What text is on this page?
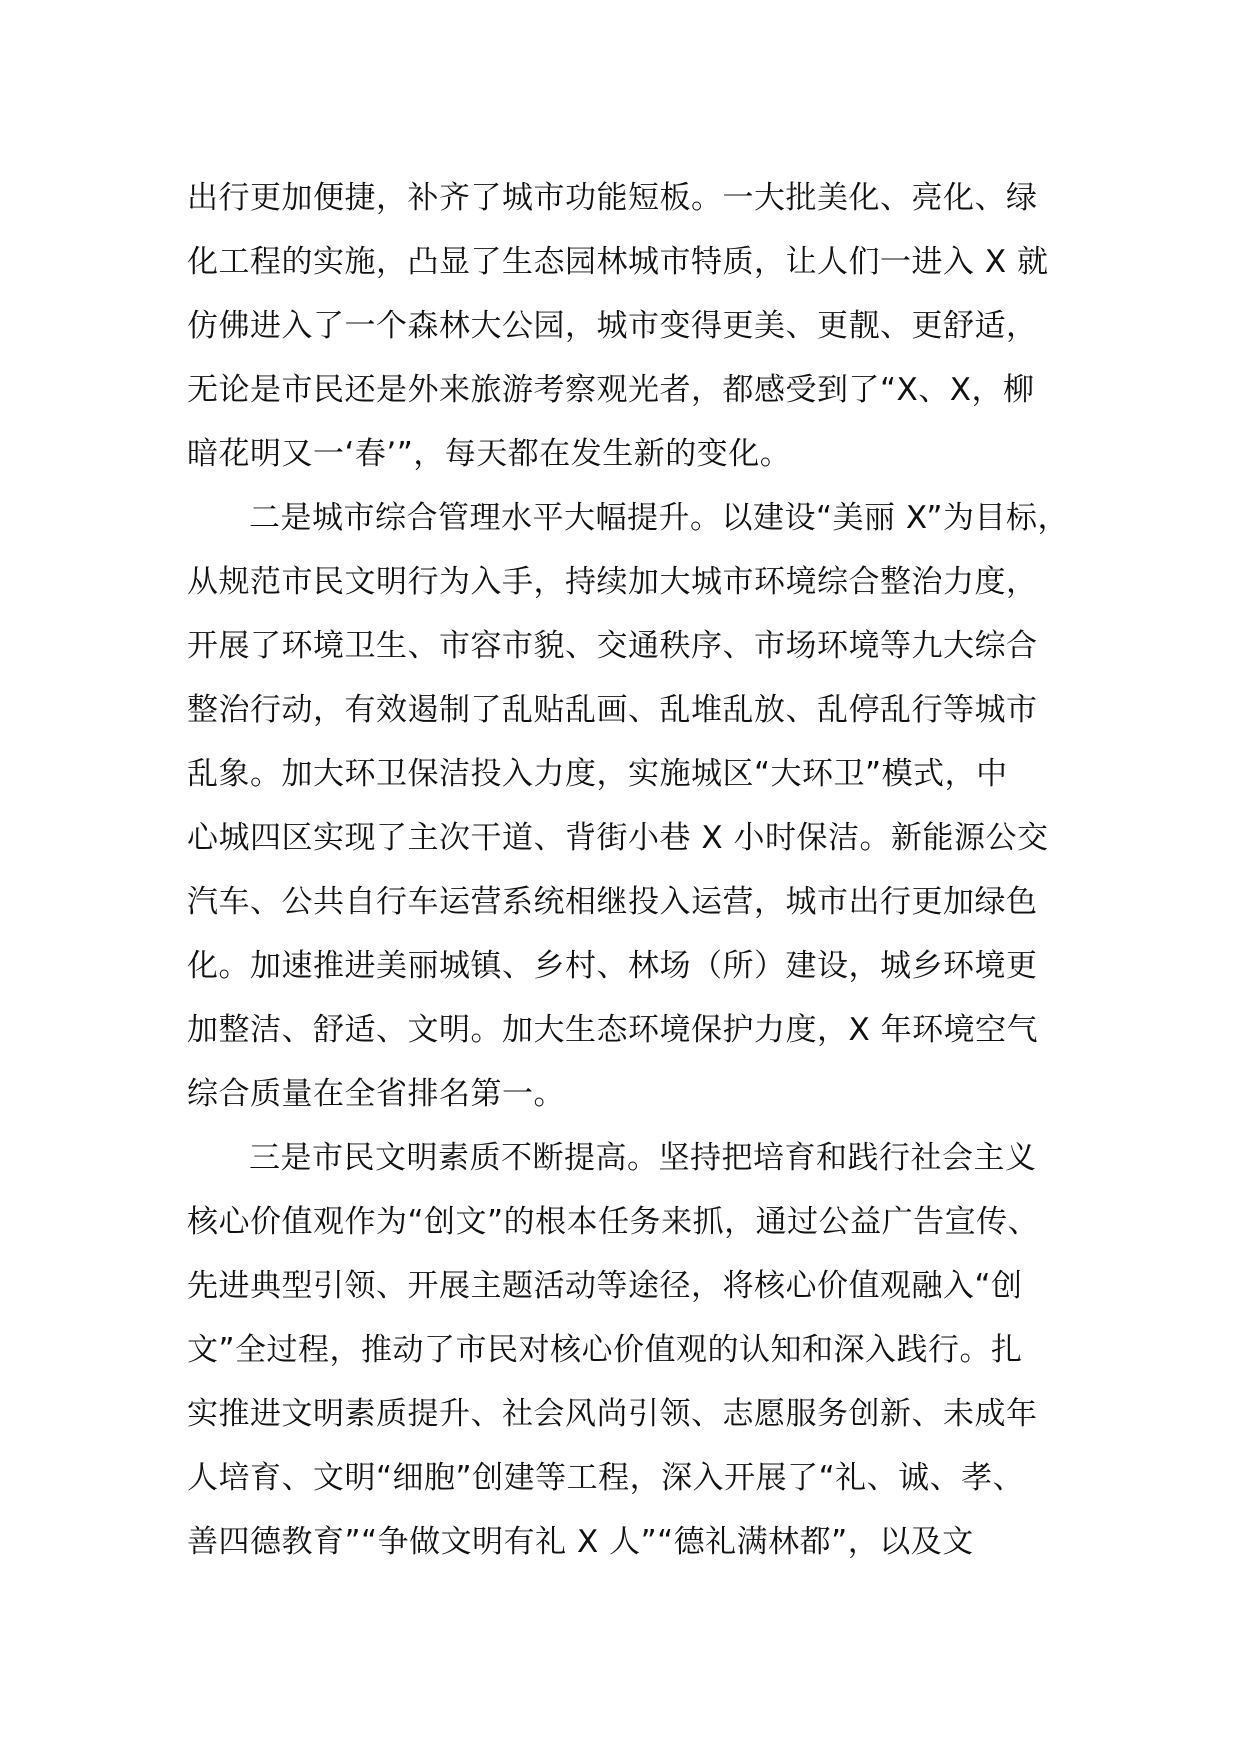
出行更加便捷，补齐了城市功能短板。一大批美化、亮化、绿
化工程的实施，凸显了生态园林城市特质，让人们一进入 X 就
仿佛进入了一个森林大公园，城市变得更美、更靓、更舒适，
无论是市民还是外来旅游考察观光者，都感受到了“X、X，柳
暗花明又一‘春’”，每天都在发生新的变化。
二是城市综合管理水平大幅提升。以建设“美丽 X”为目标，
从规范市民文明行为入手，持续加大城市环境综合整治力度，
开展了环境卫生、市容市貌、交通秩序、市场环境等九大综合
整治行动，有效遏制了乱贴乱画、乱堆乱放、乱停乱行等城市
乱象。加大环卫保洁投入力度，实施城区“大环卫”模式，中
心城四区实现了主次干道、背街小巷 X 小时保洁。新能源公交
汽车、公共自行车运营系统相继投入运营，城市出行更加绿色
化。加速推进美丽城镇、乡村、林场（所）建设，城乡环境更
加整洁、舒适、文明。加大生态环境保护力度，X 年环境空气
综合质量在全省排名第一。
三是市民文明素质不断提高。坚持把培育和践行社会主义
核心价值观作为“创文”的根本任务来抓，通过公益广告宣传、
先进典型引领、开展主题活动等途径，将核心价值观融入“创
文”全过程，推动了市民对核心价值观的认知和深入践行。扎
实推进文明素质提升、社会风尚引领、志愿服务创新、未成年
人培育、文明“细胞”创建等工程，深入开展了“礼、诚、孝、
善四德教育”“争做文明有礼 X 人”“德礼满林都”，以及文
